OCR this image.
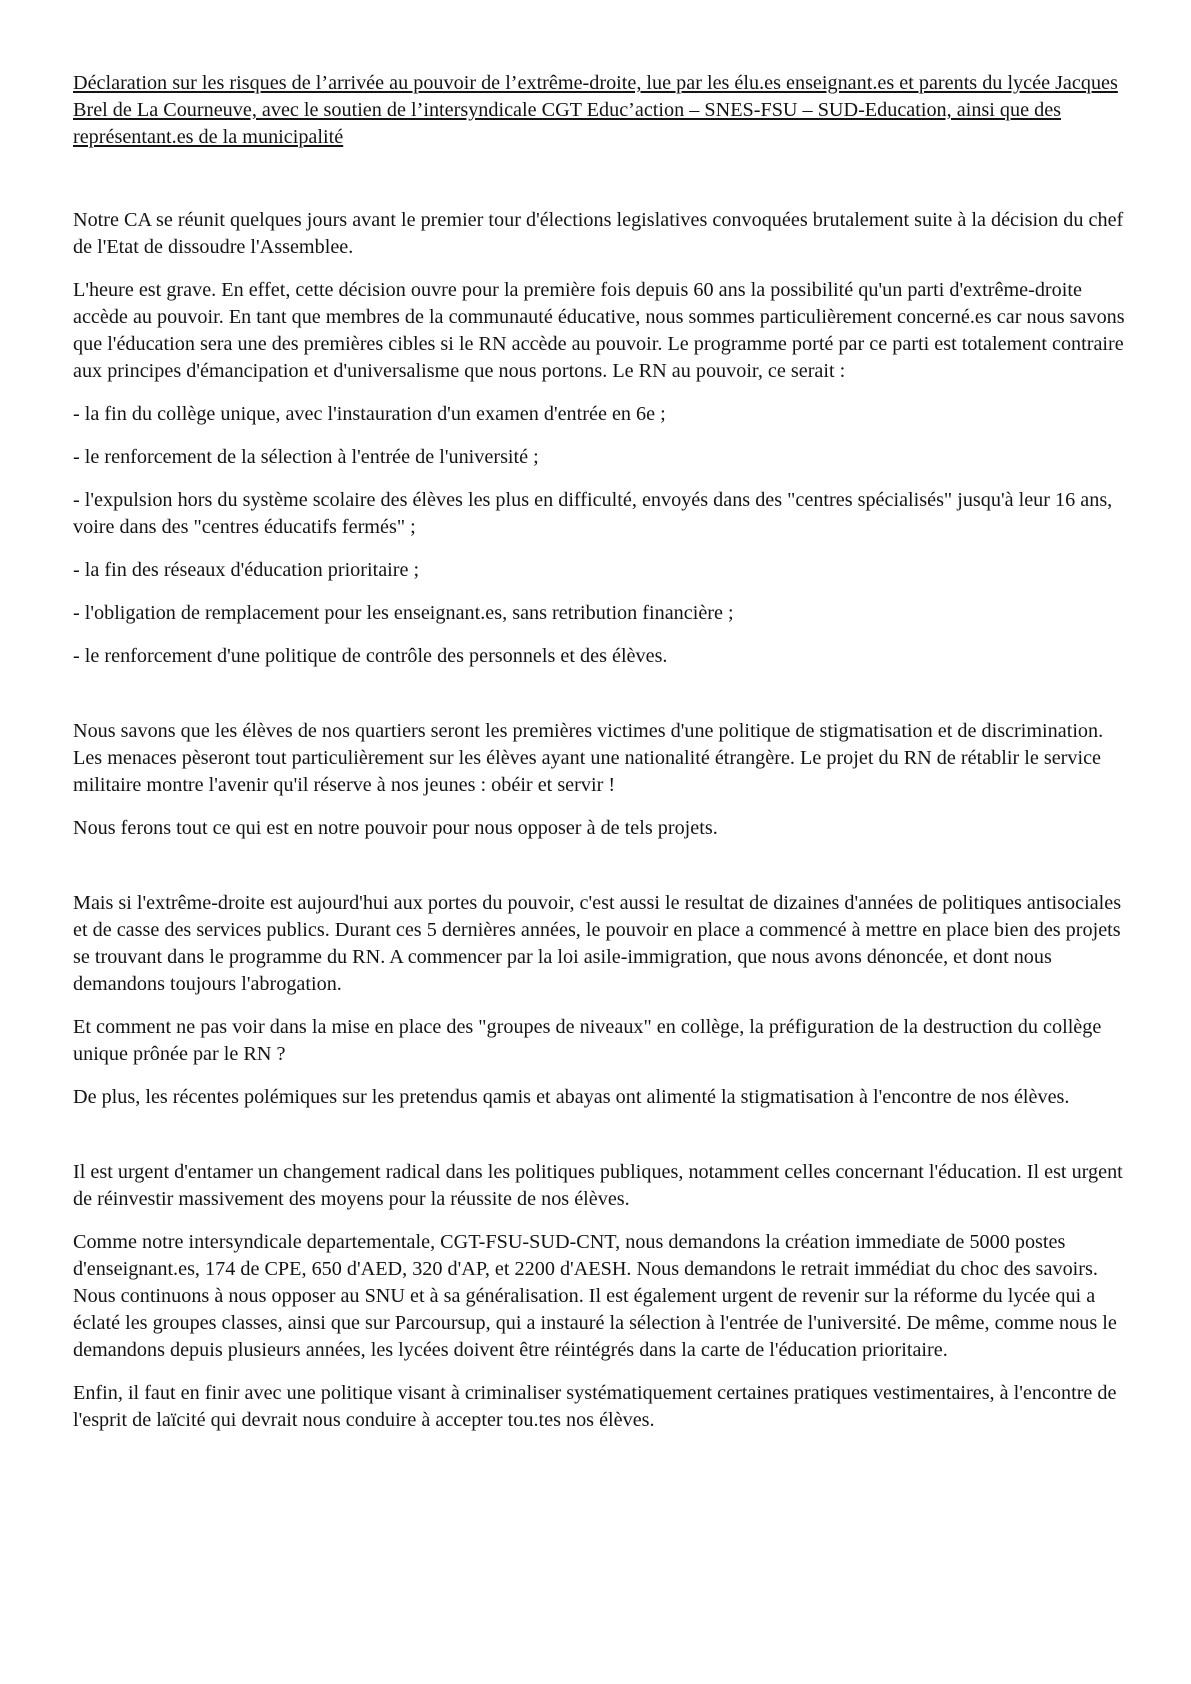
Déclaration sur les risques de l’arrivée au pouvoir de l’extrême-droite, lue par les élu.es enseignant.es et parents du lycée Jacques Brel de La Courneuve, avec le soutien de l’intersyndicale CGT Educ’action – SNES-FSU – SUD-Education, ainsi que des représentant.es de la municipalité

Notre CA se réunit quelques jours avant le premier tour d'élections legislatives convoquées brutalement suite à la décision du chef de l'Etat de dissoudre l'Assemblee.

L'heure est grave. En effet, cette décision ouvre pour la première fois depuis 60 ans la possibilité qu'un parti d'extrême-droite accède au pouvoir. En tant que membres de la communauté éducative, nous sommes particulièrement concerné.es car nous savons que l'éducation sera une des premières cibles si le RN accède au pouvoir. Le programme porté par ce parti est totalement contraire aux principes d'émancipation et d'universalisme que nous portons. Le RN au pouvoir, ce serait :

- la fin du collège unique, avec l'instauration d'un examen d'entrée en 6e ;

- le renforcement de la sélection à l'entrée de l'université ;

- l'expulsion hors du système scolaire des élèves les plus en difficulté, envoyés dans des "centres spécialisés" jusqu'à leur 16 ans, voire dans des "centres éducatifs fermés" ;

- la fin des réseaux d'éducation prioritaire ;

- l'obligation de remplacement pour les enseignant.es, sans retribution financière ;

- le renforcement d'une politique de contrôle des personnels et des élèves.

Nous savons que les élèves de nos quartiers seront les premières victimes d'une politique de stigmatisation et de discrimination. Les menaces pèseront tout particulièrement sur les élèves ayant une nationalité étrangère. Le projet du RN de rétablir le service militaire montre l'avenir qu'il réserve à nos jeunes : obéir et servir !

Nous ferons tout ce qui est en notre pouvoir pour nous opposer à de tels projets.

Mais si l'extrême-droite est aujourd'hui aux portes du pouvoir, c'est aussi le resultat de dizaines d'années de politiques antisociales et de casse des services publics. Durant ces 5 dernières années, le pouvoir en place a commencé à mettre en place bien des projets se trouvant dans le programme du RN. A commencer par la loi asile-immigration, que nous avons dénoncée, et dont nous demandons toujours l'abrogation.

Et comment ne pas voir dans la mise en place des "groupes de niveaux" en collège, la préfiguration de la destruction du collège unique prônée par le RN ?

De plus, les récentes polémiques sur les pretendus qamis et abayas ont alimenté la stigmatisation à l'encontre de nos élèves.

Il est urgent d'entamer un changement radical dans les politiques publiques, notamment celles concernant l'éducation. Il est urgent de réinvestir massivement des moyens pour la réussite de nos élèves.

Comme notre intersyndicale departementale, CGT-FSU-SUD-CNT, nous demandons la création immediate de 5000 postes d'enseignant.es, 174 de CPE, 650 d'AED, 320 d'AP, et 2200 d'AESH. Nous demandons le retrait immédiat du choc des savoirs. Nous continuons à nous opposer au SNU et à sa généralisation. Il est également urgent de revenir sur la réforme du lycée qui a éclaté les groupes classes, ainsi que sur Parcoursup, qui a instauré la sélection à l'entrée de l'université. De même, comme nous le demandons depuis plusieurs années, les lycées doivent être réintégrés dans la carte de l'éducation prioritaire.

Enfin, il faut en finir avec une politique visant à criminaliser systématiquement certaines pratiques vestimentaires, à l'encontre de l'esprit de laïcité qui devrait nous conduire à accepter tou.tes nos élèves.
